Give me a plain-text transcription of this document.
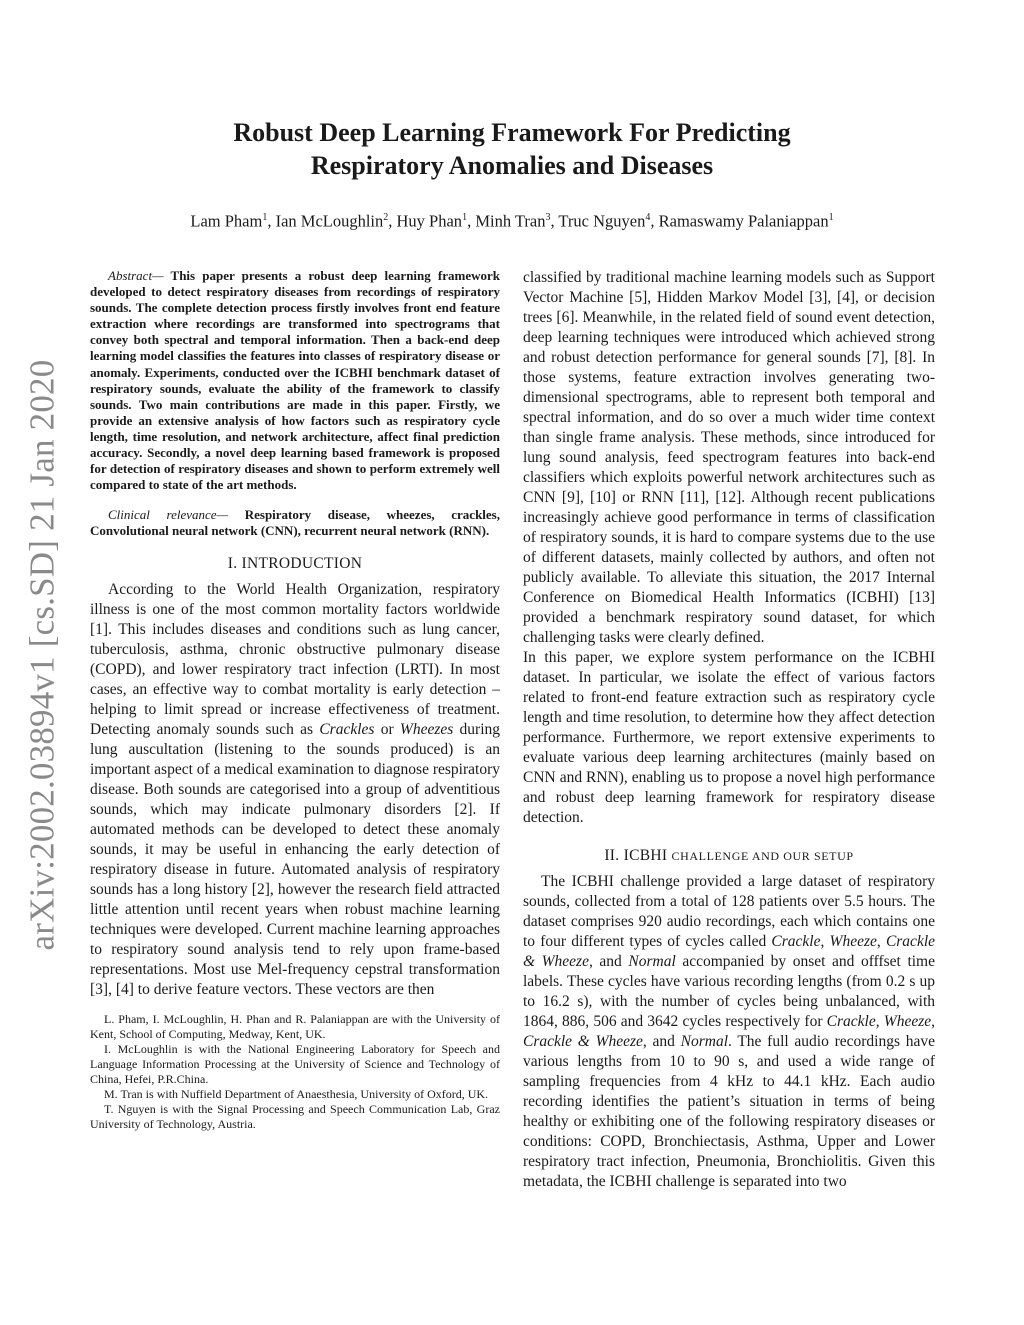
arXiv:2002.03894v1 [cs.SD] 21 Jan 2020
Robust Deep Learning Framework For Predicting
Respiratory Anomalies and Diseases
Lam Pham$^1$, Ian McLoughlin$^2$, Huy Phan$^1$, Minh Tran$^3$, Truc Nguyen$^4$, Ramaswamy Palaniappan$^1$

Abstract— This paper presents a robust deep learning framework developed to detect respiratory diseases from recordings of respiratory sounds. The complete detection process firstly involves front end feature extraction where recordings are transformed into spectrograms that convey both spectral and temporal information. Then a back-end deep learning model classifies the features into classes of respiratory disease or anomaly. Experiments, conducted over the ICBHI benchmark dataset of respiratory sounds, evaluate the ability of the framework to classify sounds. Two main contributions are made in this paper. Firstly, we provide an extensive analysis of how factors such as respiratory cycle length, time resolution, and network architecture, affect final prediction accuracy. Secondly, a novel deep learning based framework is proposed for detection of respiratory diseases and shown to perform extremely well compared to state of the art methods.

Clinical relevance— Respiratory disease, wheezes, crackles, Convolutional neural network (CNN), recurrent neural network (RNN).

I. INTRODUCTION

According to the World Health Organization, respiratory illness is one of the most common mortality factors worldwide [1]. This includes diseases and conditions such as lung cancer, tuberculosis, asthma, chronic obstructive pulmonary disease (COPD), and lower respiratory tract infection (LRTI). In most cases, an effective way to combat mortality is early detection – helping to limit spread or increase effectiveness of treatment. Detecting anomaly sounds such as Crackles or Wheezes during lung auscultation (listening to the sounds produced) is an important aspect of a medical examination to diagnose respiratory disease. Both sounds are categorised into a group of adventitious sounds, which may indicate pulmonary disorders [2]. If automated methods can be developed to detect these anomaly sounds, it may be useful in enhancing the early detection of respiratory disease in future. Automated analysis of respiratory sounds has a long history [2], however the research field attracted little attention until recent years when robust machine learning techniques were developed. Current machine learning approaches to respiratory sound analysis tend to rely upon frame-based representations. Most use Mel-frequency cepstral transformation [3], [4] to derive feature vectors. These vectors are then

L. Pham, I. McLoughlin, H. Phan and R. Palaniappan are with the University of Kent, School of Computing, Medway, Kent, UK.

I. McLoughlin is with the National Engineering Laboratory for Speech and Language Information Processing at the University of Science and Technology of China, Hefei, P.R.China.

M. Tran is with Nuffield Department of Anaesthesia, University of Oxford, UK.

T. Nguyen is with the Signal Processing and Speech Communication Lab, Graz University of Technology, Austria.

classified by traditional machine learning models such as Support Vector Machine [5], Hidden Markov Model [3], [4], or decision trees [6]. Meanwhile, in the related field of sound event detection, deep learning techniques were introduced which achieved strong and robust detection performance for general sounds [7], [8]. In those systems, feature extraction involves generating two-dimensional spectrograms, able to represent both temporal and spectral information, and do so over a much wider time context than single frame analysis. These methods, since introduced for lung sound analysis, feed spectrogram features into back-end classifiers which exploits powerful network architectures such as CNN [9], [10] or RNN [11], [12]. Although recent publications increasingly achieve good performance in terms of classification of respiratory sounds, it is hard to compare systems due to the use of different datasets, mainly collected by authors, and often not publicly available. To alleviate this situation, the 2017 Internal Conference on Biomedical Health Informatics (ICBHI) [13] provided a benchmark respiratory sound dataset, for which challenging tasks were clearly defined.

In this paper, we explore system performance on the ICBHI dataset. In particular, we isolate the effect of various factors related to front-end feature extraction such as respiratory cycle length and time resolution, to determine how they affect detection performance. Furthermore, we report extensive experiments to evaluate various deep learning architectures (mainly based on CNN and RNN), enabling us to propose a novel high performance and robust deep learning framework for respiratory disease detection.

II. ICBHI CHALLENGE AND OUR SETUP

The ICBHI challenge provided a large dataset of respiratory sounds, collected from a total of 128 patients over 5.5 hours. The dataset comprises 920 audio recordings, each which contains one to four different types of cycles called Crackle, Wheeze, Crackle & Wheeze, and Normal accompanied by onset and offfset time labels. These cycles have various recording lengths (from 0.2 s up to 16.2 s), with the number of cycles being unbalanced, with 1864, 886, 506 and 3642 cycles respectively for Crackle, Wheeze, Crackle & Wheeze, and Normal. The full audio recordings have various lengths from 10 to 90 s, and used a wide range of sampling frequencies from 4 kHz to 44.1 kHz. Each audio recording identifies the patient’s situation in terms of being healthy or exhibiting one of the following respiratory diseases or conditions: COPD, Bronchiectasis, Asthma, Upper and Lower respiratory tract infection, Pneumonia, Bronchiolitis. Given this metadata, the ICBHI challenge is separated into two
